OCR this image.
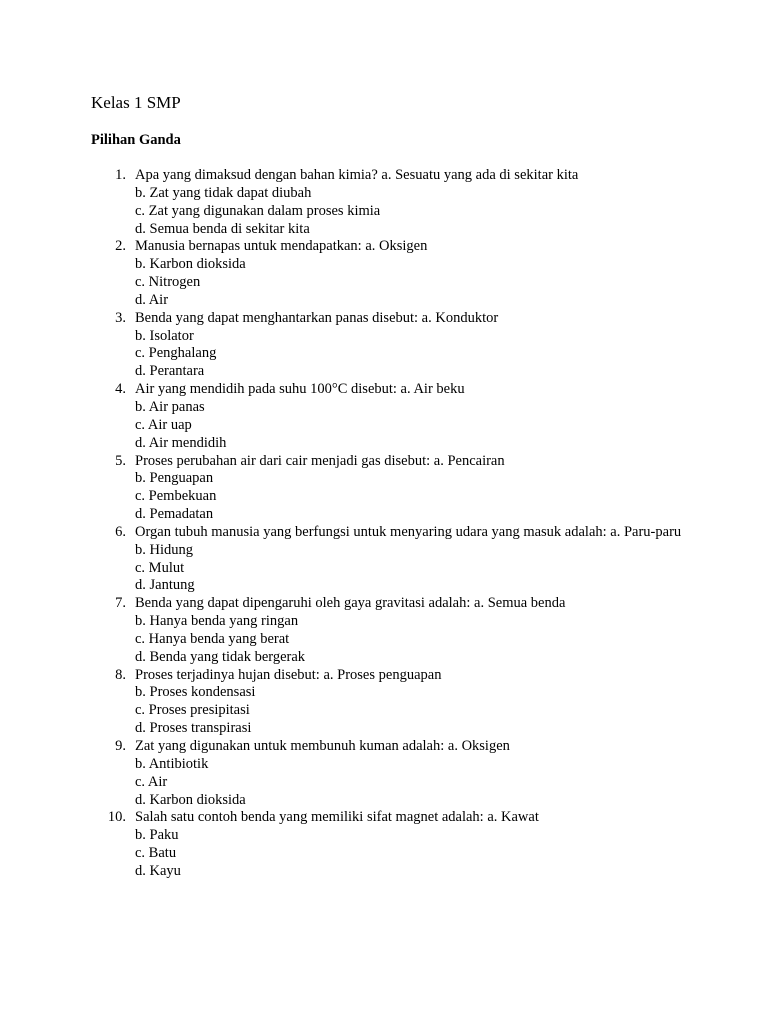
Kelas 1 SMP
Pilihan Ganda
1. Apa yang dimaksud dengan bahan kimia? a. Sesuatu yang ada di sekitar kita
b. Zat yang tidak dapat diubah
c. Zat yang digunakan dalam proses kimia
d. Semua benda di sekitar kita
2. Manusia bernapas untuk mendapatkan: a. Oksigen
b. Karbon dioksida
c. Nitrogen
d. Air
3. Benda yang dapat menghantarkan panas disebut: a. Konduktor
b. Isolator
c. Penghalang
d. Perantara
4. Air yang mendidih pada suhu 100°C disebut: a. Air beku
b. Air panas
c. Air uap
d. Air mendidih
5. Proses perubahan air dari cair menjadi gas disebut: a. Pencairan
b. Penguapan
c. Pembekuan
d. Pemadatan
6. Organ tubuh manusia yang berfungsi untuk menyaring udara yang masuk adalah: a. Paru-paru
b. Hidung
c. Mulut
d. Jantung
7. Benda yang dapat dipengaruhi oleh gaya gravitasi adalah: a. Semua benda
b. Hanya benda yang ringan
c. Hanya benda yang berat
d. Benda yang tidak bergerak
8. Proses terjadinya hujan disebut: a. Proses penguapan
b. Proses kondensasi
c. Proses presipitasi
d. Proses transpirasi
9. Zat yang digunakan untuk membunuh kuman adalah: a. Oksigen
b. Antibiotik
c. Air
d. Karbon dioksida
10. Salah satu contoh benda yang memiliki sifat magnet adalah: a. Kawat
b. Paku
c. Batu
d. Kayu
